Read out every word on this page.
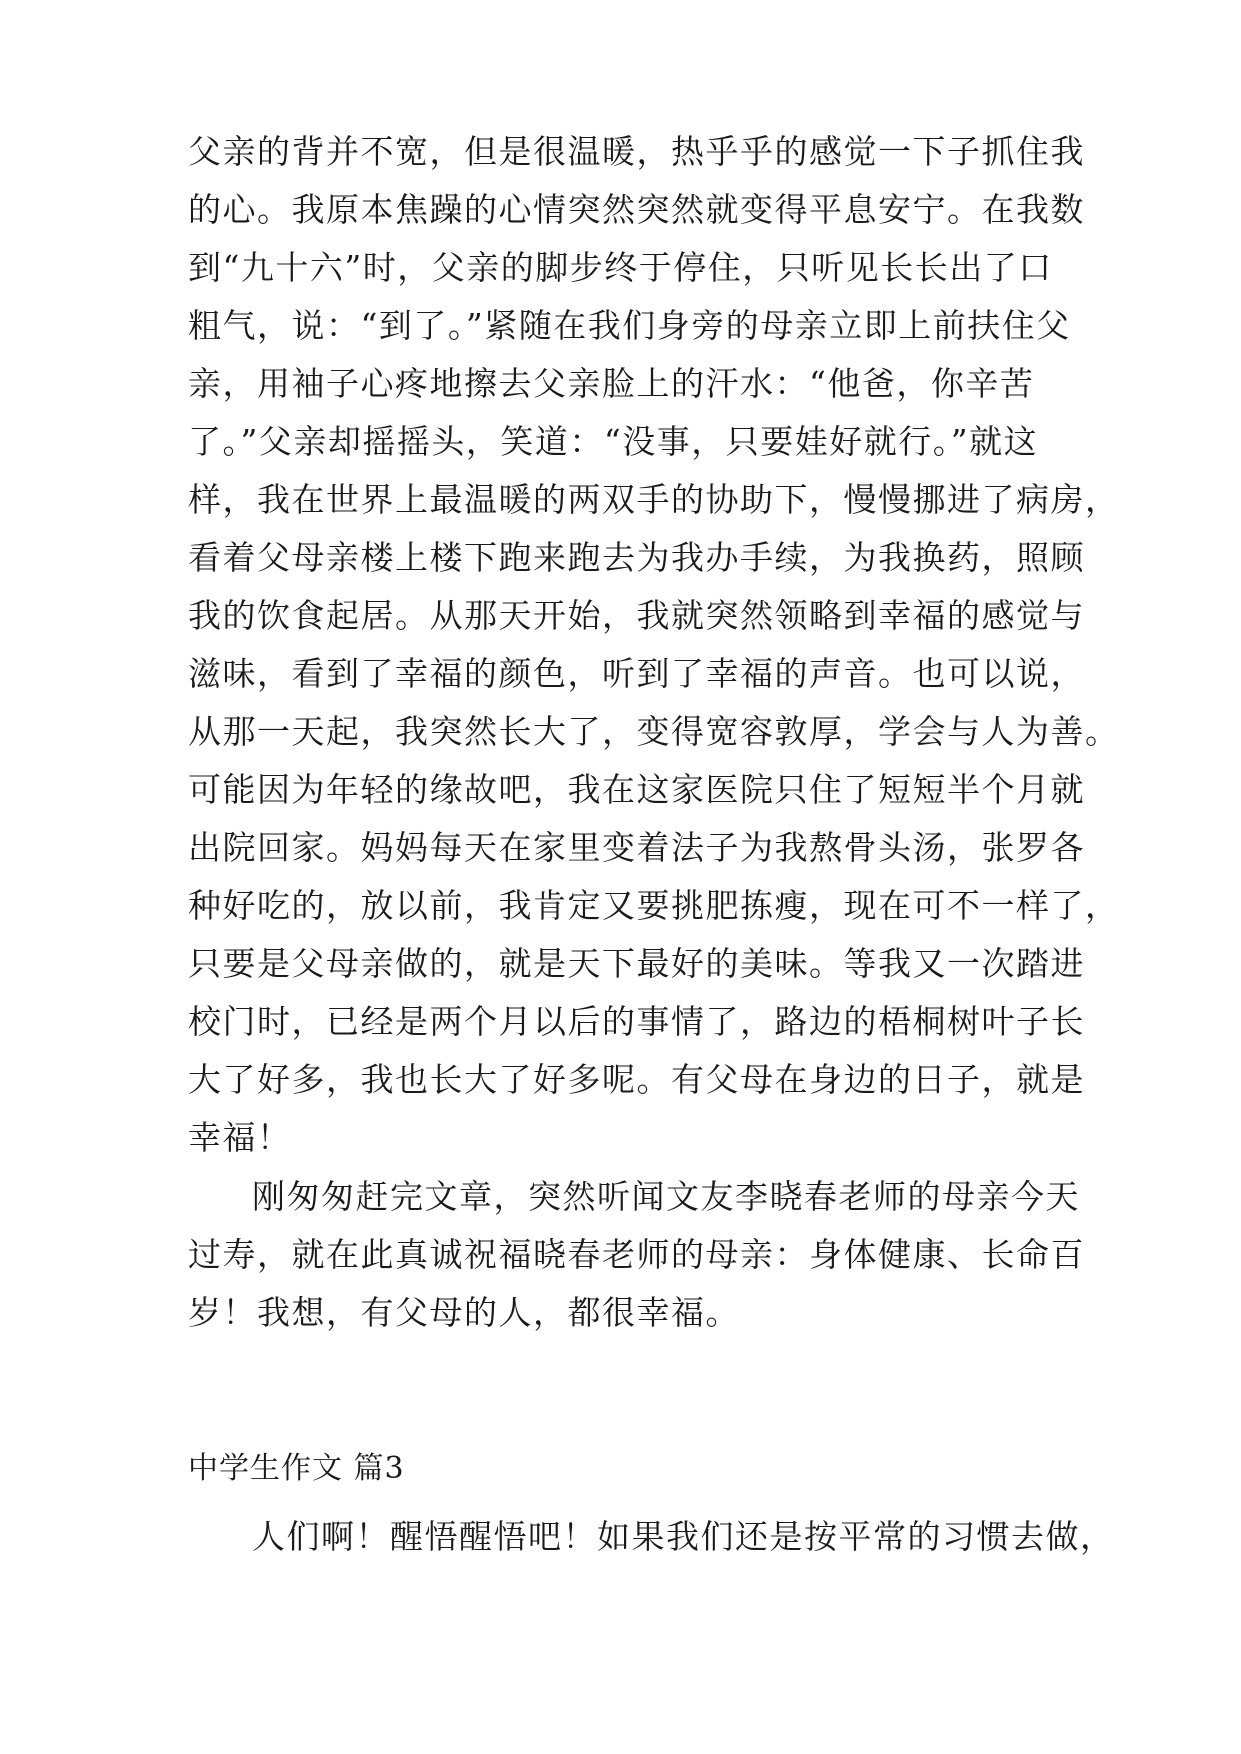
父亲的背并不宽，但是很温暖，热乎乎的感觉一下子抓住我
的心。我原本焦躁的心情突然突然就变得平息安宁。在我数
到“九十六”时，父亲的脚步终于停住，只听见长长出了口
粗气，说：“到了。”紧随在我们身旁的母亲立即上前扶住父
亲，用袖子心疼地擦去父亲脸上的汗水：“他爸，你辛苦
了。”父亲却摇摇头，笑道：“没事，只要娃好就行。”就这
样，我在世界上最温暖的两双手的协助下，慢慢挪进了病房，
看着父母亲楼上楼下跑来跑去为我办手续，为我换药，照顾
我的饮食起居。从那天开始，我就突然领略到幸福的感觉与
滋味，看到了幸福的颜色，听到了幸福的声音。也可以说，
从那一天起，我突然长大了，变得宽容敦厚，学会与人为善。
可能因为年轻的缘故吧，我在这家医院只住了短短半个月就
出院回家。妈妈每天在家里变着法子为我熬骨头汤，张罗各
种好吃的，放以前，我肯定又要挑肥拣瘦，现在可不一样了，
只要是父母亲做的，就是天下最好的美味。等我又一次踏进
校门时，已经是两个月以后的事情了，路边的梧桐树叶子长
大了好多，我也长大了好多呢。有父母在身边的日子，就是
幸福！
刚匆匆赶完文章，突然听闻文友李晓春老师的母亲今天
过寿，就在此真诚祝福晓春老师的母亲：身体健康、长命百
岁！我想，有父母的人，都很幸福。
中学生作文 篇3
人们啊！醒悟醒悟吧！如果我们还是按平常的习惯去做，
